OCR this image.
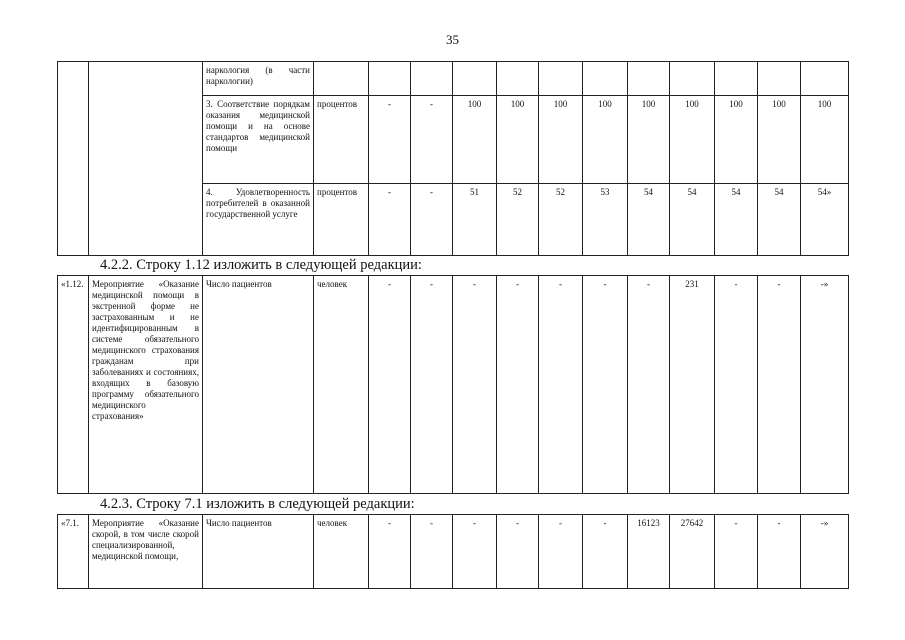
35
		наркология (в части наркологии)												
		3. Соответствие порядкам оказания медицинской помощи и на основе стандартов медицинской помощи	процентов	-	-	100	100	100	100	100	100	100	100	100
		4. Удовлетворенность потребителей в оказанной государственной услуге	процентов	-	-	51	52	52	53	54	54	54	54	54»
4.2.2. Строку 1.12 изложить в следующей редакции:
«1.12.	Мероприятие «Оказание медицинской помощи в экстренной форме не застрахованным и не идентифицированным в системе обязательного медицинского страхования гражданам при заболеваниях и состояниях, входящих в базовую программу обязательного медицинского страхования»	Число пациентов	человек	-	-	-	-	-	-	-	231	-	-	-»
4.2.3. Строку 7.1 изложить в следующей редакции:
«7.1.	Мероприятие «Оказание скорой, в том числе скорой специализированной, медицинской помощи,	Число пациентов	человек	-	-	-	-	-	-	16123	27642	-	-	-»
